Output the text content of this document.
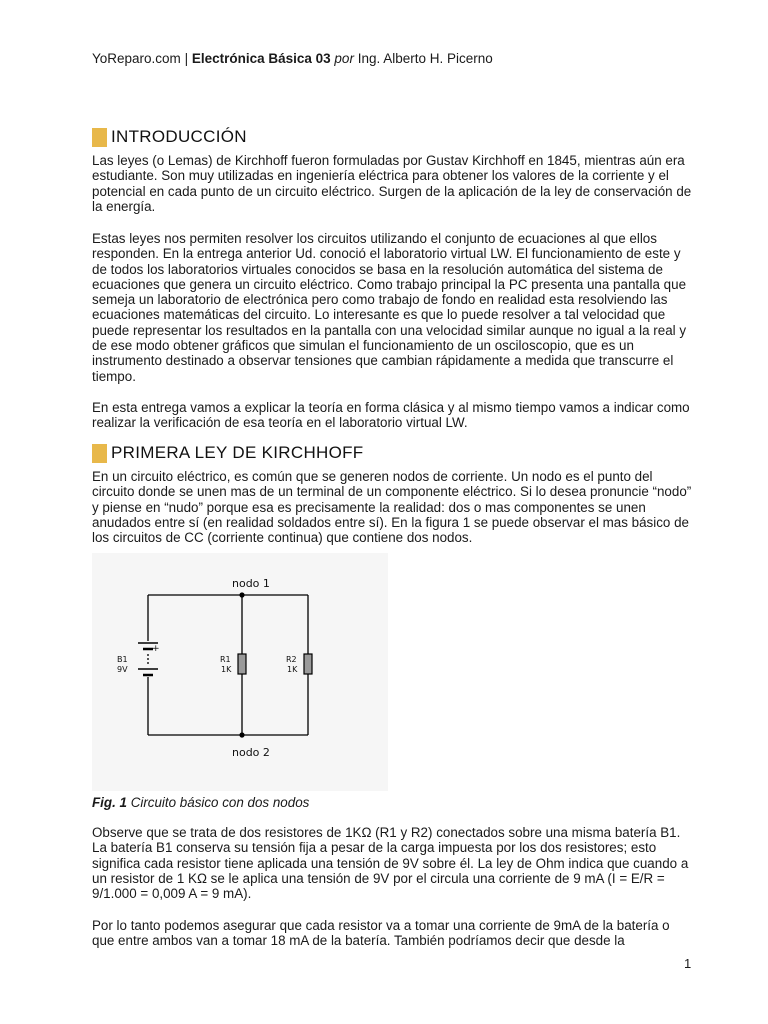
YoReparo.com | Electrónica Básica 03 por Ing. Alberto H. Picerno
INTRODUCCIÓN

Las leyes (o Lemas) de Kirchhoff fueron formuladas por Gustav Kirchhoff en 1845, mientras aún era estudiante. Son muy utilizadas en ingeniería eléctrica para obtener los valores de la corriente y el potencial en cada punto de un circuito eléctrico. Surgen de la aplicación de la ley de conservación de la energía.

Estas leyes nos permiten resolver los circuitos utilizando el conjunto de ecuaciones al que ellos responden. En la entrega anterior Ud. conoció el laboratorio virtual LW. El funcionamiento de este y de todos los laboratorios virtuales conocidos se basa en la resolución automática del sistema de ecuaciones que genera un circuito eléctrico. Como trabajo principal la PC presenta una pantalla que semeja un laboratorio de electrónica pero como trabajo de fondo en realidad esta resolviendo las ecuaciones matemáticas del circuito. Lo interesante es que lo puede resolver a tal velocidad que puede representar los resultados en la pantalla con una velocidad similar aunque no igual a la real y de ese modo obtener gráficos que simulan el funcionamiento de un osciloscopio, que es un instrumento destinado a observar tensiones que cambian rápidamente a medida que transcurre el tiempo.

En esta entrega vamos a explicar la teoría en forma clásica y al mismo tiempo vamos a indicar como realizar la verificación de esa teoría en el laboratorio virtual LW.

PRIMERA LEY DE KIRCHHOFF

En un circuito eléctrico, es común que se generen nodos de corriente. Un nodo es el punto del circuito donde se unen mas de un terminal de un componente eléctrico. Si lo desea pronuncie “nodo” y piense en “nudo” porque esa es precisamente la realidad: dos o mas componentes se unen anudados entre sí (en realidad soldados entre sí). En la figura 1 se puede observar el mas básico de los circuitos de CC (corriente continua) que contiene dos nodos.

nodo 1
nodo 2
+
B1
9V
R1
1K
R2
1K
Fig. 1 Circuito básico con dos nodos

Observe que se trata de dos resistores de 1KΩ (R1 y R2) conectados sobre una misma batería B1. La batería B1 conserva su tensión fija a pesar de la carga impuesta por los dos resistores; esto significa cada resistor tiene aplicada una tensión de 9V sobre él. La ley de Ohm indica que cuando a un resistor de 1 KΩ se le aplica una tensión de 9V por el circula una corriente de 9 mA (I = E/R = 9/1.000 = 0,009 A = 9 mA).

Por lo tanto podemos asegurar que cada resistor va a tomar una corriente de 9mA de la batería o que entre ambos van a tomar 18 mA de la batería. También podríamos decir que desde la

1
